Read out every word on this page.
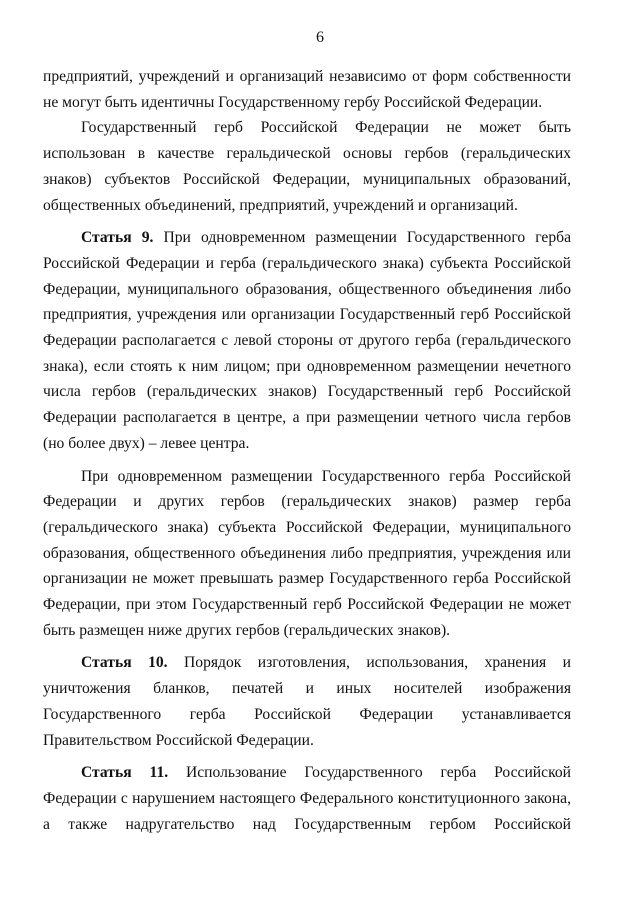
6

предприятий, учреждений и организаций независимо от форм собственности не могут быть идентичны Государственному гербу Российской Федерации.

Государственный герб Российской Федерации не может быть использован в качестве геральдической основы гербов (геральдических знаков) субъектов Российской Федерации, муниципальных образований, общественных объединений, предприятий, учреждений и организаций.

Статья 9. При одновременном размещении Государственного герба Российской Федерации и герба (геральдического знака) субъекта Российской Федерации, муниципального образования, общественного объединения либо предприятия, учреждения или организации Государственный герб Российской Федерации располагается с левой стороны от другого герба (геральдического знака), если стоять к ним лицом; при одновременном размещении нечетного числа гербов (геральдических знаков) Государственный герб Российской Федерации располагается в центре, а при размещении четного числа гербов (но более двух) – левее центра.

При одновременном размещении Государственного герба Российской Федерации и других гербов (геральдических знаков) размер герба (геральдического знака) субъекта Российской Федерации, муниципального образования, общественного объединения либо предприятия, учреждения или организации не может превышать размер Государственного герба Российской Федерации, при этом Государственный герб Российской Федерации не может быть размещен ниже других гербов (геральдических знаков).

Статья 10. Порядок изготовления, использования, хранения и уничтожения бланков, печатей и иных носителей изображения Государственного герба Российской Федерации устанавливается Правительством Российской Федерации.

Статья 11. Использование Государственного герба Российской Федерации с нарушением настоящего Федерального конституционного закона, а также надругательство над Государственным гербом Российской
